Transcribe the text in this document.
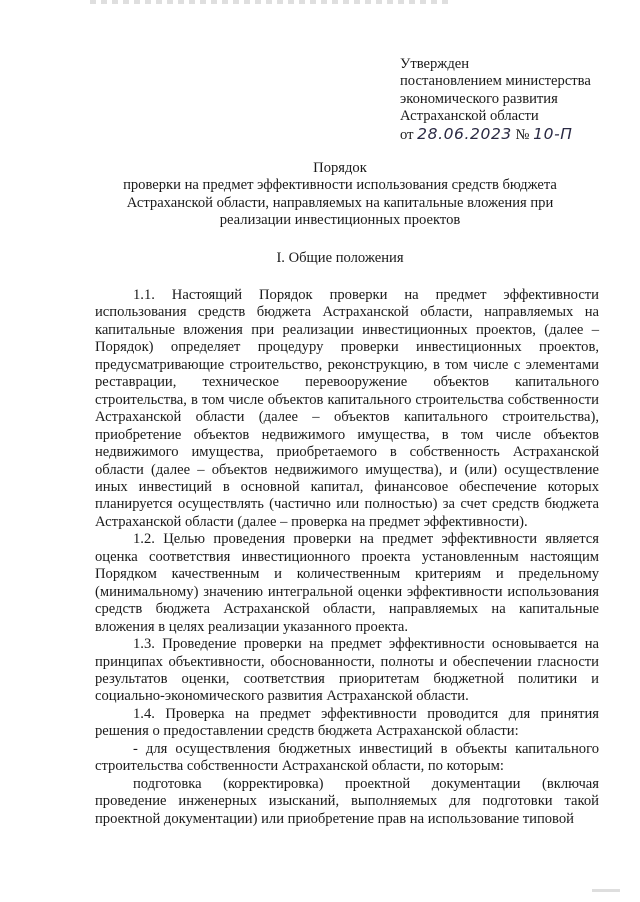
Утвержден
постановлением министерства
экономического развития
Астраханской области
от 28.06.2023 № 10-П
Порядок
проверки на предмет эффективности использования средств бюджета
Астраханской области, направляемых на капитальные вложения при
реализации инвестиционных проектов
I. Общие положения

1.1. Настоящий Порядок проверки на предмет эффективности использования средств бюджета Астраханской области, направляемых на капитальные вложения при реализации инвестиционных проектов, (далее – Порядок) определяет процедуру проверки инвестиционных проектов, предусматривающие строительство, реконструкцию, в том числе с элементами реставрации, техническое перевооружение объектов капитального строительства, в том числе объектов капитального строительства собственности Астраханской области (далее – объектов капитального строительства), приобретение объектов недвижимого имущества, в том числе объектов недвижимого имущества, приобретаемого в собственность Астраханской области (далее – объектов недвижимого имущества), и (или) осуществление иных инвестиций в основной капитал, финансовое обеспечение которых планируется осуществлять (частично или полностью) за счет средств бюджета Астраханской области (далее – проверка на предмет эффективности).

1.2. Целью проведения проверки на предмет эффективности является оценка соответствия инвестиционного проекта установленным настоящим Порядком качественным и количественным критериям и предельному (минимальному) значению интегральной оценки эффективности использования средств бюджета Астраханской области, направляемых на капитальные вложения в целях реализации указанного проекта.

1.3. Проведение проверки на предмет эффективности основывается на принципах объективности, обоснованности, полноты и обеспечении гласности результатов оценки, соответствия приоритетам бюджетной политики и социально-экономического развития Астраханской области.

1.4. Проверка на предмет эффективности проводится для принятия решения о предоставлении средств бюджета Астраханской области:

- для осуществления бюджетных инвестиций в объекты капитального строительства собственности Астраханской области, по которым:

подготовка (корректировка) проектной документации (включая проведение инженерных изысканий, выполняемых для подготовки такой проектной документации) или приобретение прав на использование типовой
